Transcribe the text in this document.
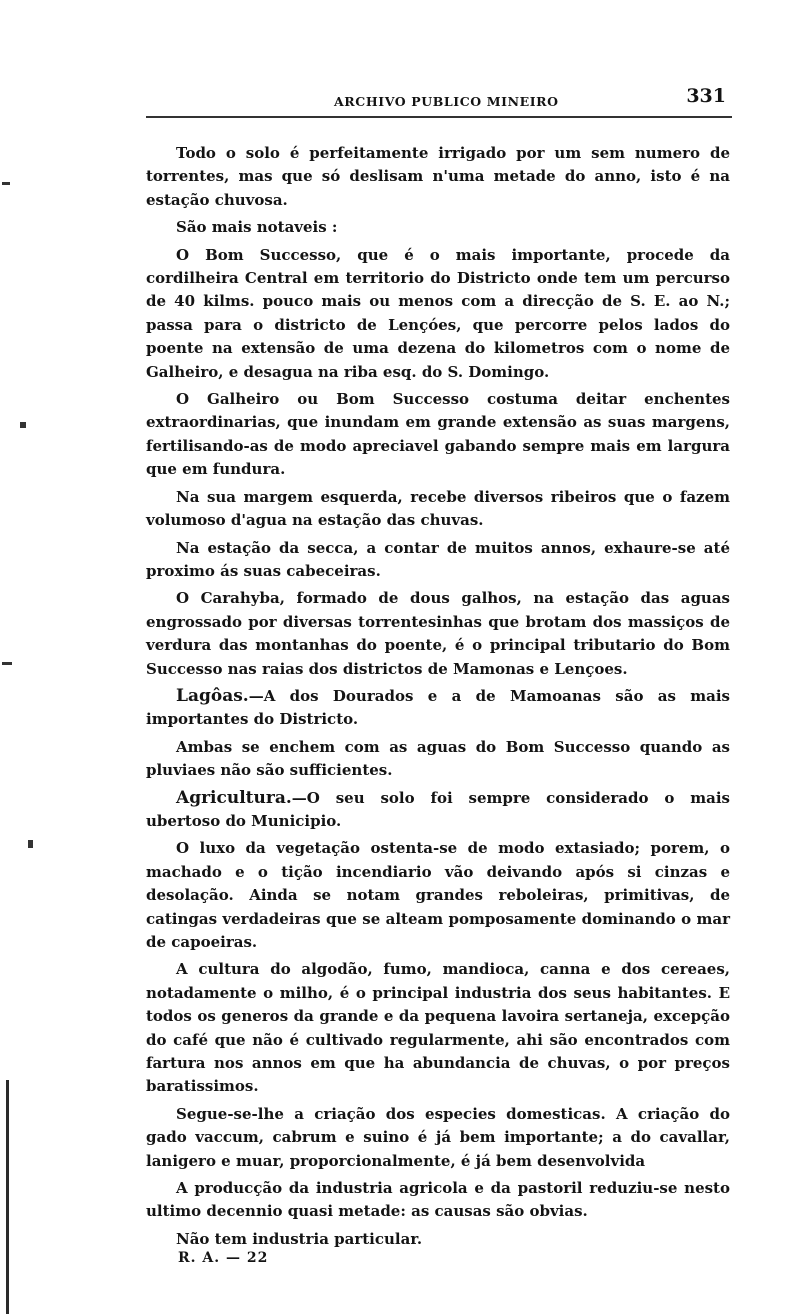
ARCHIVO PUBLICO MINEIRO	331

Todo o solo é perfeitamente irrigado por um sem numero de torrentes, mas que só deslisam n'uma metade do anno, isto é na estação chuvosa.

São mais notaveis :

O Bom Successo, que é o mais importante, procede da cordilheira Central em territorio do Districto onde tem um percurso de 40 kilms. pouco mais ou menos com a direcção de S. E. ao N.; passa para o districto de Lençóes, que percorre pelos lados do poente na extensão de uma dezena do kilometros com o nome de Galheiro, e desagua na riba esq. do S. Domingo.

O Galheiro ou Bom Successo costuma deitar enchentes extraordinarias, que inundam em grande extensão as suas margens, fertilisando-as de modo apreciavel gabando sempre mais em largura que em fundura.

Na sua margem esquerda, recebe diversos ribeiros que o fazem volumoso d'agua na estação das chuvas.

Na estação da secca, a contar de muitos annos, exhaure-se até proximo ás suas cabeceiras.

O Carahyba, formado de dous galhos, na estação das aguas engrossado por diversas torrentesinhas que brotam dos massiços de verdura das montanhas do poente, é o principal tributario do Bom Successo nas raias dos districtos de Mamonas e Lençoes.

Lagôas.—A dos Dourados e a de Mamoanas são as mais importantes do Districto.

Ambas se enchem com as aguas do Bom Successo quando as pluviaes não são sufficientes.

Agricultura.—O seu solo foi sempre considerado o mais ubertoso do Municipio.

O luxo da vegetação ostenta-se de modo extasiado; porem, o machado e o tição incendiario vão deivando após si cinzas e desolação. Ainda se notam grandes reboleiras, primitivas, de catingas verdadeiras que se alteam pomposamente dominando o mar de capoeiras.

A cultura do algodão, fumo, mandioca, canna e dos cereaes, notadamente o milho, é o principal industria dos seus habitantes. E todos os generos da grande e da pequena lavoira sertaneja, excepção do café que não é cultivado regularmente, ahi são encontrados com fartura nos annos em que ha abundancia de chuvas, o por preços baratissimos.

Segue-se-lhe a criação dos especies domesticas. A criação do gado vaccum, cabrum e suino é já bem importante; a do cavallar, lanigero e muar, proporcionalmente, é já bem desenvolvida

A producção da industria agricola e da pastoril reduziu-se nesto ultimo decennio quasi metade: as causas são obvias.

Não tem industria particular.

R. A. — 22
